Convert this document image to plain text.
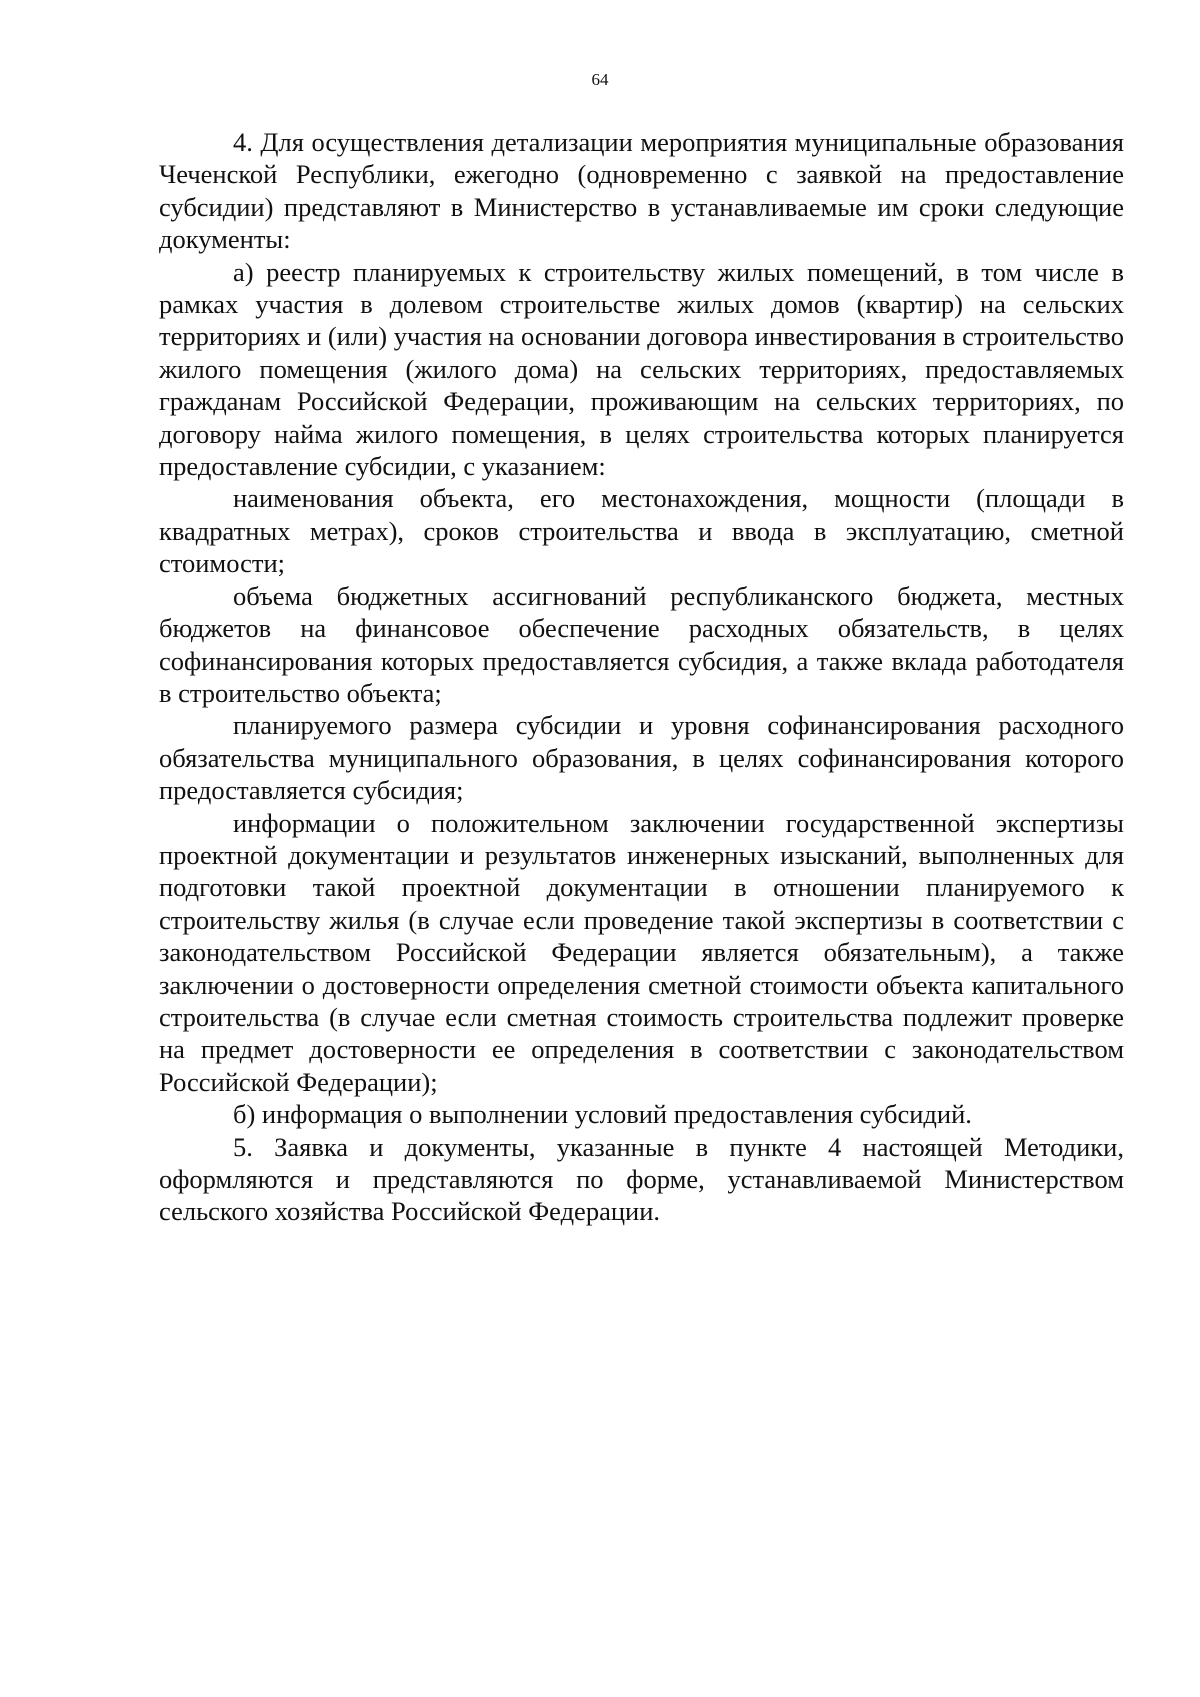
64

4. Для осуществления детализации мероприятия муниципальные образования Чеченской Республики, ежегодно (одновременно с заявкой на предоставление субсидии) представляют в Министерство в устанавливаемые им сроки следующие документы:

а) реестр планируемых к строительству жилых помещений, в том числе в рамках участия в долевом строительстве жилых домов (квартир) на сельских территориях и (или) участия на основании договора инвестирования в строительство жилого помещения (жилого дома) на сельских территориях, предоставляемых гражданам Российской Федерации, проживающим на сельских территориях, по договору найма жилого помещения, в целях строительства которых планируется предоставление субсидии, с указанием:

наименования объекта, его местонахождения, мощности (площади в квадратных метрах), сроков строительства и ввода в эксплуатацию, сметной стоимости;

объема бюджетных ассигнований республиканского бюджета, местных бюджетов на финансовое обеспечение расходных обязательств, в целях софинансирования которых предоставляется субсидия, а также вклада работодателя в строительство объекта;

планируемого размера субсидии и уровня софинансирования расходного обязательства муниципального образования, в целях софинансирования которого предоставляется субсидия;

информации о положительном заключении государственной экспертизы проектной документации и результатов инженерных изысканий, выполненных для подготовки такой проектной документации в отношении планируемого к строительству жилья (в случае если проведение такой экспертизы в соответствии с законодательством Российской Федерации является обязательным), а также заключении о достоверности определения сметной стоимости объекта капитального строительства (в случае если сметная стоимость строительства подлежит проверке на предмет достоверности ее определения в соответствии с законодательством Российской Федерации);

б) информация о выполнении условий предоставления субсидий.

5. Заявка и документы, указанные в пункте 4 настоящей Методики, оформляются и представляются по форме, устанавливаемой Министерством сельского хозяйства Российской Федерации.
